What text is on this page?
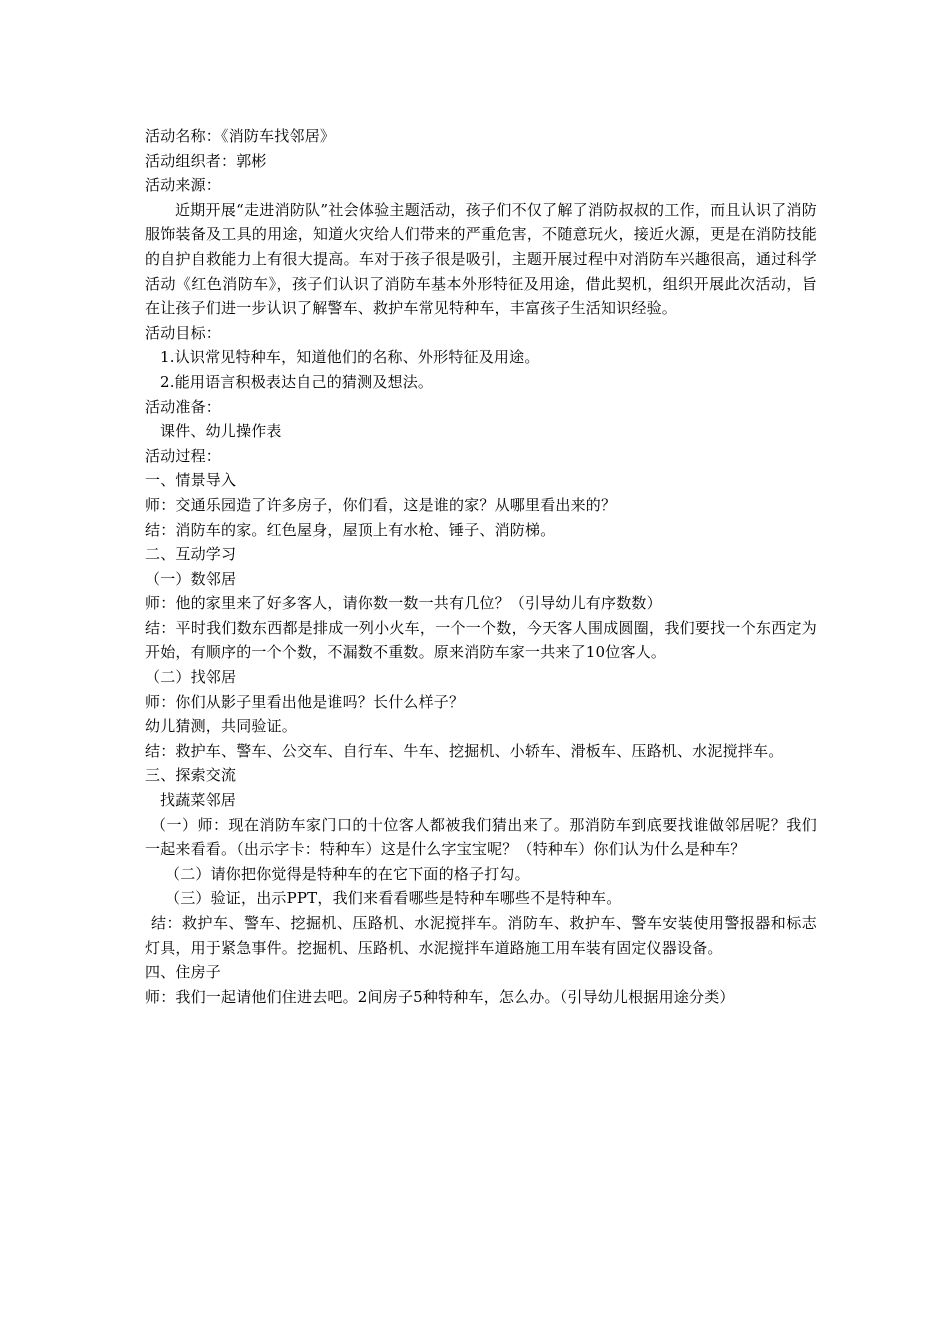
活动名称：《消防车找邻居》
活动组织者：郭彬
活动来源：

近期开展“走进消防队”社会体验主题活动，孩子们不仅了解了消防叔叔的工作，而且认识了消防服饰装备及工具的用途，知道火灾给人们带来的严重危害，不随意玩火，接近火源，更是在消防技能的自护自救能力上有很大提高。车对于孩子很是吸引，主题开展过程中对消防车兴趣很高，通过科学活动《红色消防车》，孩子们认识了消防车基本外形特征及用途，借此契机，组织开展此次活动，旨在让孩子们进一步认识了解警车、救护车常见特种车，丰富孩子生活知识经验。

活动目标：
1.认识常见特种车，知道他们的名称、外形特征及用途。
2.能用语言积极表达自己的猜测及想法。
活动准备：
课件、幼儿操作表
活动过程：
一、情景导入
师：交通乐园造了许多房子，你们看，这是谁的家？从哪里看出来的？
结：消防车的家。红色屋身，屋顶上有水枪、锤子、消防梯。
二、互动学习
（一）数邻居
师：他的家里来了好多客人，请你数一数一共有几位？（引导幼儿有序数数）

结：平时我们数东西都是排成一列小火车，一个一个数，今天客人围成圆圈，我们要找一个东西定为开始，有顺序的一个个数，不漏数不重数。原来消防车家一共来了10位客人。

（二）找邻居
师：你们从影子里看出他是谁吗？长什么样子？
幼儿猜测，共同验证。
结：救护车、警车、公交车、自行车、牛车、挖掘机、小轿车、滑板车、压路机、水泥搅拌车。
三、探索交流
找蔬菜邻居

（一）师：现在消防车家门口的十位客人都被我们猜出来了。那消防车到底要找谁做邻居呢？我们一起来看看。（出示字卡：特种车）这是什么字宝宝呢？（特种车）你们认为什么是种车？

（二）请你把你觉得是特种车的在它下面的格子打勾。
（三）验证，出示PPT，我们来看看哪些是特种车哪些不是特种车。

结：救护车、警车、挖掘机、压路机、水泥搅拌车。消防车、救护车、警车安装使用警报器和标志灯具，用于紧急事件。挖掘机、压路机、水泥搅拌车道路施工用车装有固定仪器设备。

四、住房子
师：我们一起请他们住进去吧。2间房子5种特种车，怎么办。（引导幼儿根据用途分类）
